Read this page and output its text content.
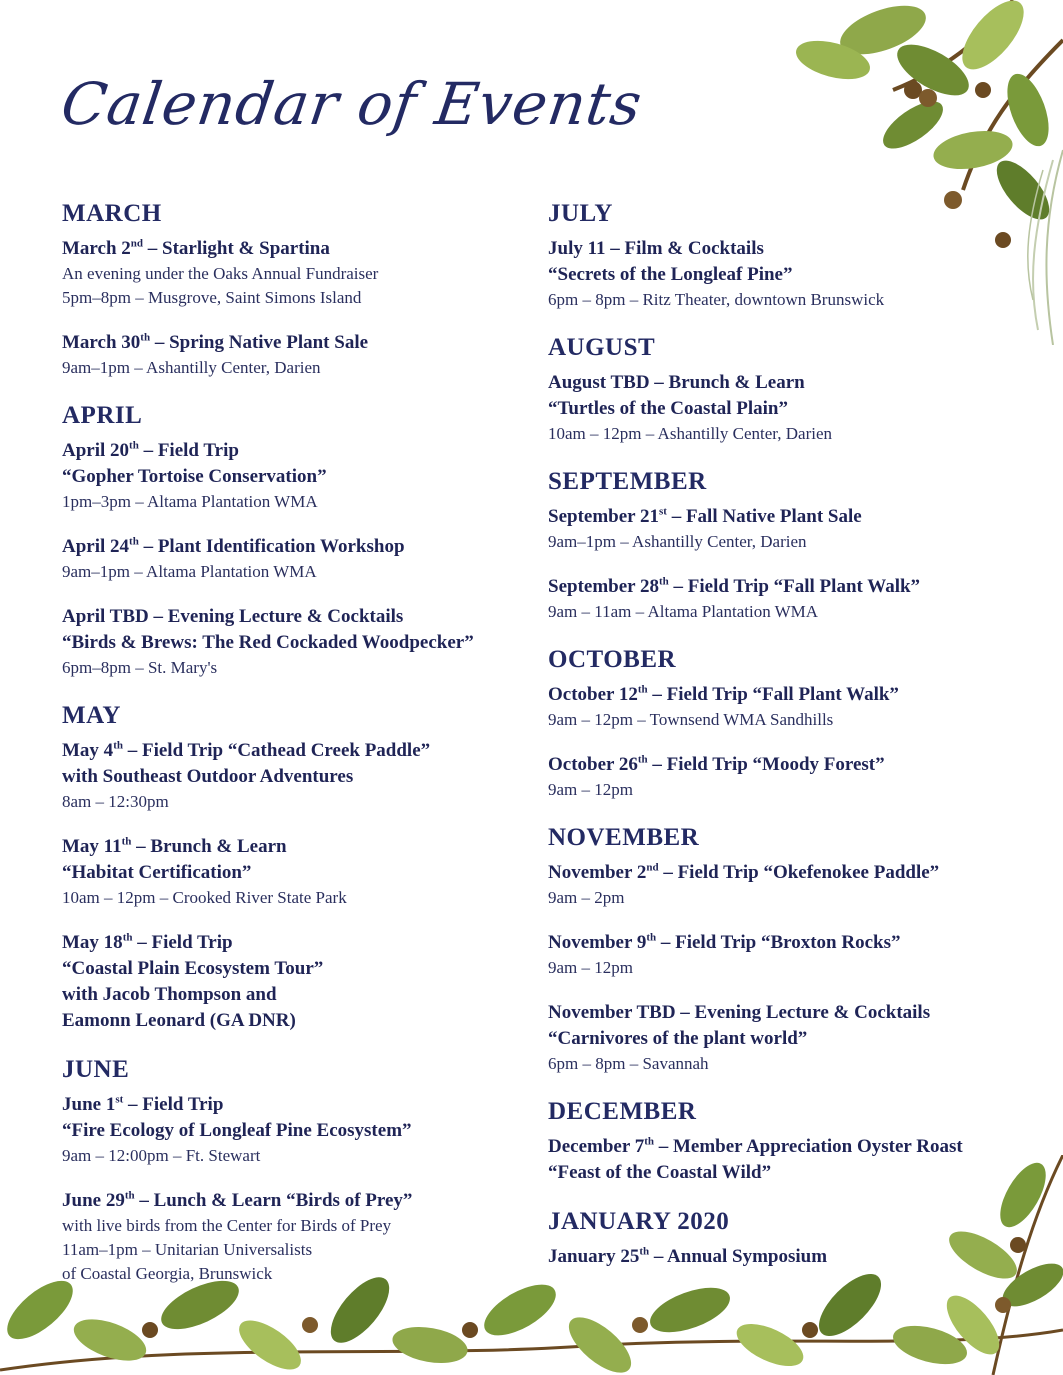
Calendar of Events
MARCH
March 2nd – Starlight & Spartina
An evening under the Oaks Annual Fundraiser
5pm–8pm – Musgrove, Saint Simons Island
March 30th – Spring Native Plant Sale
9am–1pm – Ashantilly Center, Darien
APRIL
April 20th – Field Trip
“Gopher Tortoise Conservation”
1pm–3pm – Altama Plantation WMA
April 24th – Plant Identification Workshop
9am–1pm – Altama Plantation WMA
April TBD – Evening Lecture & Cocktails
“Birds & Brews: The Red Cockaded Woodpecker”
6pm–8pm – St. Mary's
MAY
May 4th – Field Trip “Cathead Creek Paddle”
with Southeast Outdoor Adventures
8am – 12:30pm
May 11th – Brunch & Learn
“Habitat Certification”
10am – 12pm – Crooked River State Park
May 18th – Field Trip
“Coastal Plain Ecosystem Tour”
with Jacob Thompson and
Eamonn Leonard (GA DNR)
JUNE
June 1st – Field Trip
“Fire Ecology of Longleaf Pine Ecosystem”
9am – 12:00pm – Ft. Stewart
June 29th – Lunch & Learn “Birds of Prey”
with live birds from the Center for Birds of Prey
11am–1pm – Unitarian Universalists
of Coastal Georgia, Brunswick
JULY
July 11 – Film & Cocktails
“Secrets of the Longleaf Pine”
6pm – 8pm – Ritz Theater, downtown Brunswick
AUGUST
August TBD – Brunch & Learn
“Turtles of the Coastal Plain”
10am – 12pm – Ashantilly Center, Darien
SEPTEMBER
September 21st – Fall Native Plant Sale
9am–1pm – Ashantilly Center, Darien
September 28th – Field Trip “Fall Plant Walk”
9am – 11am – Altama Plantation WMA
OCTOBER
October 12th – Field Trip “Fall Plant Walk”
9am – 12pm – Townsend WMA Sandhills
October 26th – Field Trip “Moody Forest”
9am – 12pm
NOVEMBER
November 2nd – Field Trip “Okefenokee Paddle”
9am – 2pm
November 9th – Field Trip “Broxton Rocks”
9am – 12pm
November TBD – Evening Lecture & Cocktails
“Carnivores of the plant world”
6pm – 8pm – Savannah
DECEMBER
December 7th – Member Appreciation Oyster Roast
“Feast of the Coastal Wild”
JANUARY 2020
January 25th – Annual Symposium
